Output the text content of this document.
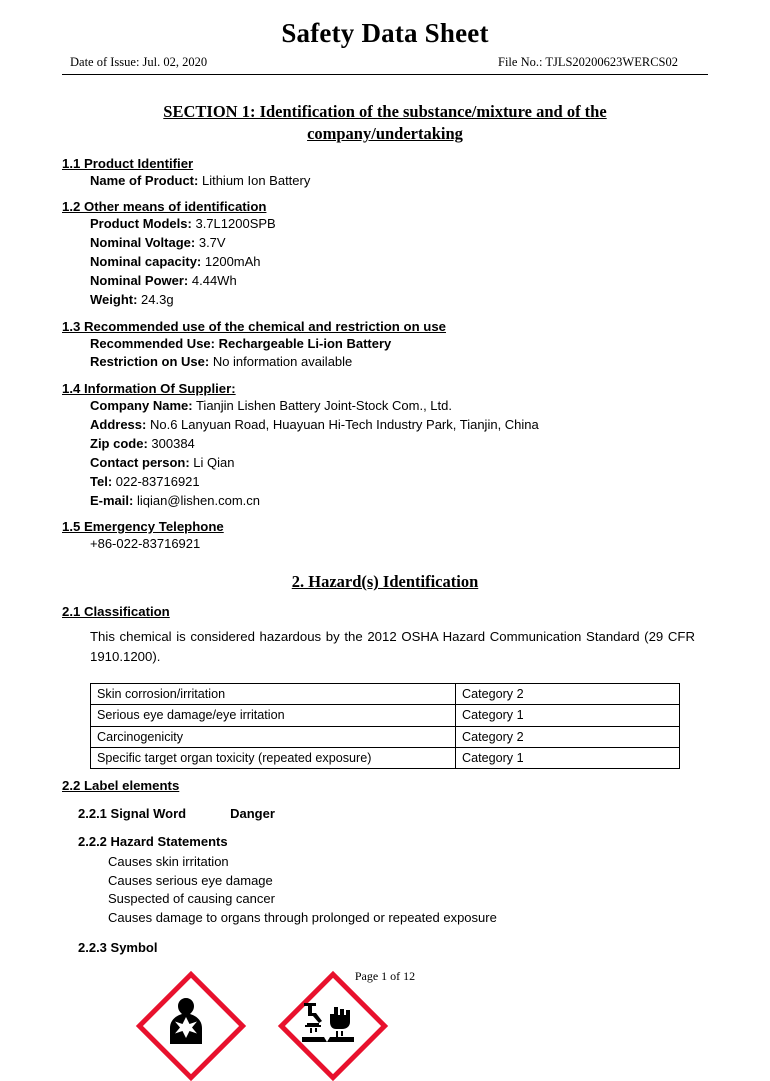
Safety Data Sheet
Date of Issue: Jul. 02, 2020	File No.: TJLS20200623WERCS02
SECTION 1: Identification of the substance/mixture and of the
company/undertaking
1.1 Product Identifier
Name of Product: Lithium Ion Battery
1.2 Other means of identification
Product Models: 3.7L1200SPB
Nominal Voltage: 3.7V
Nominal capacity: 1200mAh
Nominal Power: 4.44Wh
Weight: 24.3g
1.3 Recommended use of the chemical and restriction on use
Recommended Use: Rechargeable Li-ion Battery
Restriction on Use: No information available
1.4 Information Of Supplier:
Company Name: Tianjin Lishen Battery Joint-Stock Com., Ltd.
Address: No.6 Lanyuan Road, Huayuan Hi-Tech Industry Park, Tianjin, China
Zip code: 300384
Contact person: Li Qian
Tel: 022-83716921
E-mail: liqian@lishen.com.cn
1.5 Emergency Telephone
+86-022-83716921
2. Hazard(s) Identification
2.1 Classification
This chemical is considered hazardous by the 2012 OSHA Hazard Communication Standard (29 CFR 1910.1200).
Skin corrosion/irritation	Category 2
Serious eye damage/eye irritation	Category 1
Carcinogenicity	Category 2
Specific target organ toxicity (repeated exposure)	Category 1
2.2 Label elements
2.2.1 Signal Word	Danger
2.2.2 Hazard Statements
Causes skin irritation
Causes serious eye damage
Suspected of causing cancer
Causes damage to organs through prolonged or repeated exposure
2.2.3 Symbol
Page 1 of 12
